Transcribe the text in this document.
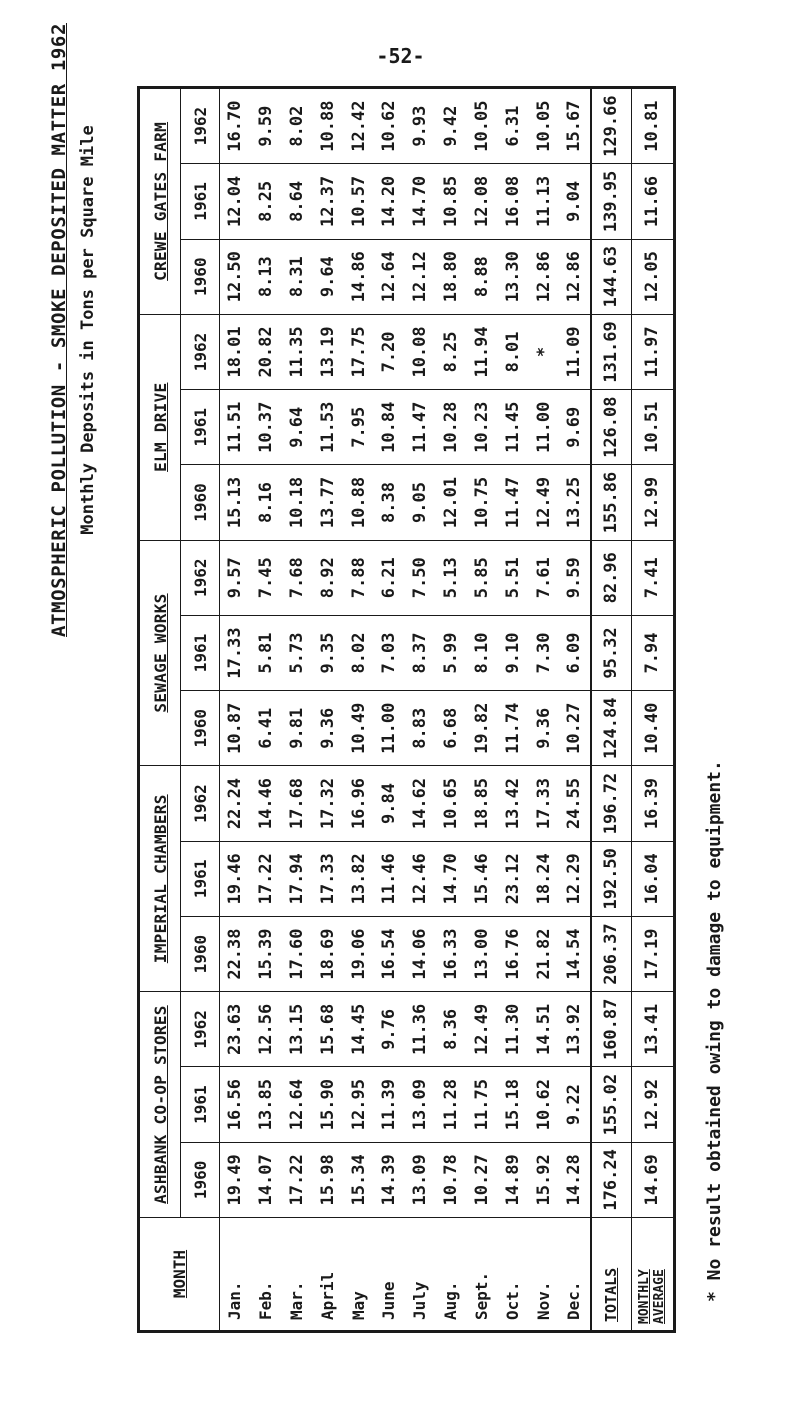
-52-
ATMOSPHERIC POLLUTION - SMOKE DEPOSITED MATTER 1962 Monthly Deposits in Tons per Square Mile
MONTH	ASHBANK CO-OP STORES			IMPERIAL CHAMBERS			SEWAGE WORKS			ELM DRIVE			CREWE GATES FARM		
	1960	1961	1962	1960	1961	1962	1960	1961	1962	1960	1961	1962	1960	1961	1962
Jan.	19.49	16.56	23.63	22.38	19.46	22.24	10.87	17.33	9.57	15.13	11.51	18.01	12.50	12.04	16.70
Feb.	14.07	13.85	12.56	15.39	17.22	14.46	6.41	5.81	7.45	8.16	10.37	20.82	8.13	8.25	9.59
Mar.	17.22	12.64	13.15	17.60	17.94	17.68	9.81	5.73	7.68	10.18	9.64	11.35	8.31	8.64	8.02
April	15.98	15.90	15.68	18.69	17.33	17.32	9.36	9.35	8.92	13.77	11.53	13.19	9.64	12.37	10.88
May	15.34	12.95	14.45	19.06	13.82	16.96	10.49	8.02	7.88	10.88	7.95	17.75	14.86	10.57	12.42
June	14.39	11.39	9.76	16.54	11.46	9.84	11.00	7.03	6.21	8.38	10.84	7.20	12.64	14.20	10.62
July	13.09	13.09	11.36	14.06	12.46	14.62	8.83	8.37	7.50	9.05	11.47	10.08	12.12	14.70	9.93
Aug.	10.78	11.28	8.36	16.33	14.70	10.65	6.68	5.99	5.13	12.01	10.28	8.25	18.80	10.85	9.42
Sept.	10.27	11.75	12.49	13.00	15.46	18.85	19.82	8.10	5.85	10.75	10.23	11.94	8.88	12.08	10.05
Oct.	14.89	15.18	11.30	16.76	23.12	13.42	11.74	9.10	5.51	11.47	11.45	8.01	13.30	16.08	6.31
Nov.	15.92	10.62	14.51	21.82	18.24	17.33	9.36	7.30	7.61	12.49	11.00	*	12.86	11.13	10.05
Dec.	14.28	9.22	13.92	14.54	12.29	24.55	10.27	6.09	9.59	13.25	9.69	11.09	12.86	9.04	15.67
TOTALS	176.24	155.02	160.87	206.37	192.50	196.72	124.84	95.32	82.96	155.86	126.08	131.69	144.63	139.95	129.66
MONTHLY
AVERAGE	14.69	12.92	13.41	17.19	16.04	16.39	10.40	7.94	7.41	12.99	10.51	11.97	12.05	11.66	10.81
* No result obtained owing to damage to equipment.
